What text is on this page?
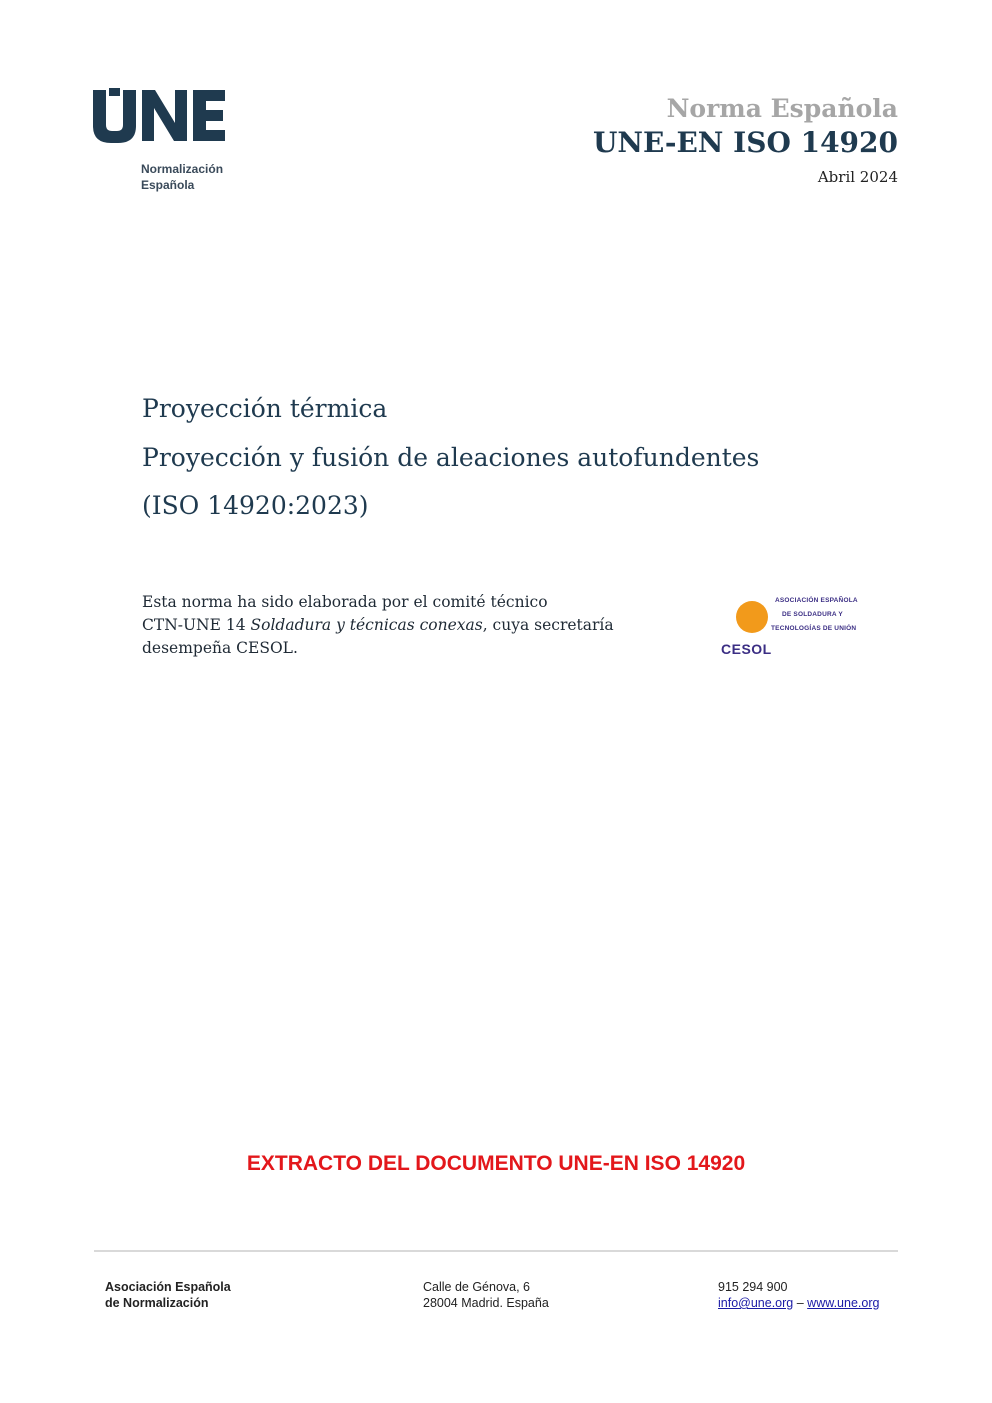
Normalización
Española
Norma Española
UNE-EN ISO 14920
Abril 2024
Proyección térmica
Proyección y fusión de aleaciones autofundentes
(ISO 14920:2023)
Esta norma ha sido elaborada por el comité técnico
CTN-UNE 14 Soldadura y técnicas conexas, cuya secretaría
desempeña CESOL.
ASOCIACIÓN ESPAÑOLA
DE SOLDADURA Y
TECNOLOGÍAS DE UNIÓN
CESOL
EXTRACTO DEL DOCUMENTO UNE-EN ISO 14920
Asociación Española
de Normalización
Calle de Génova, 6
28004 Madrid. España
915 294 900
info@une.org – www.une.org
